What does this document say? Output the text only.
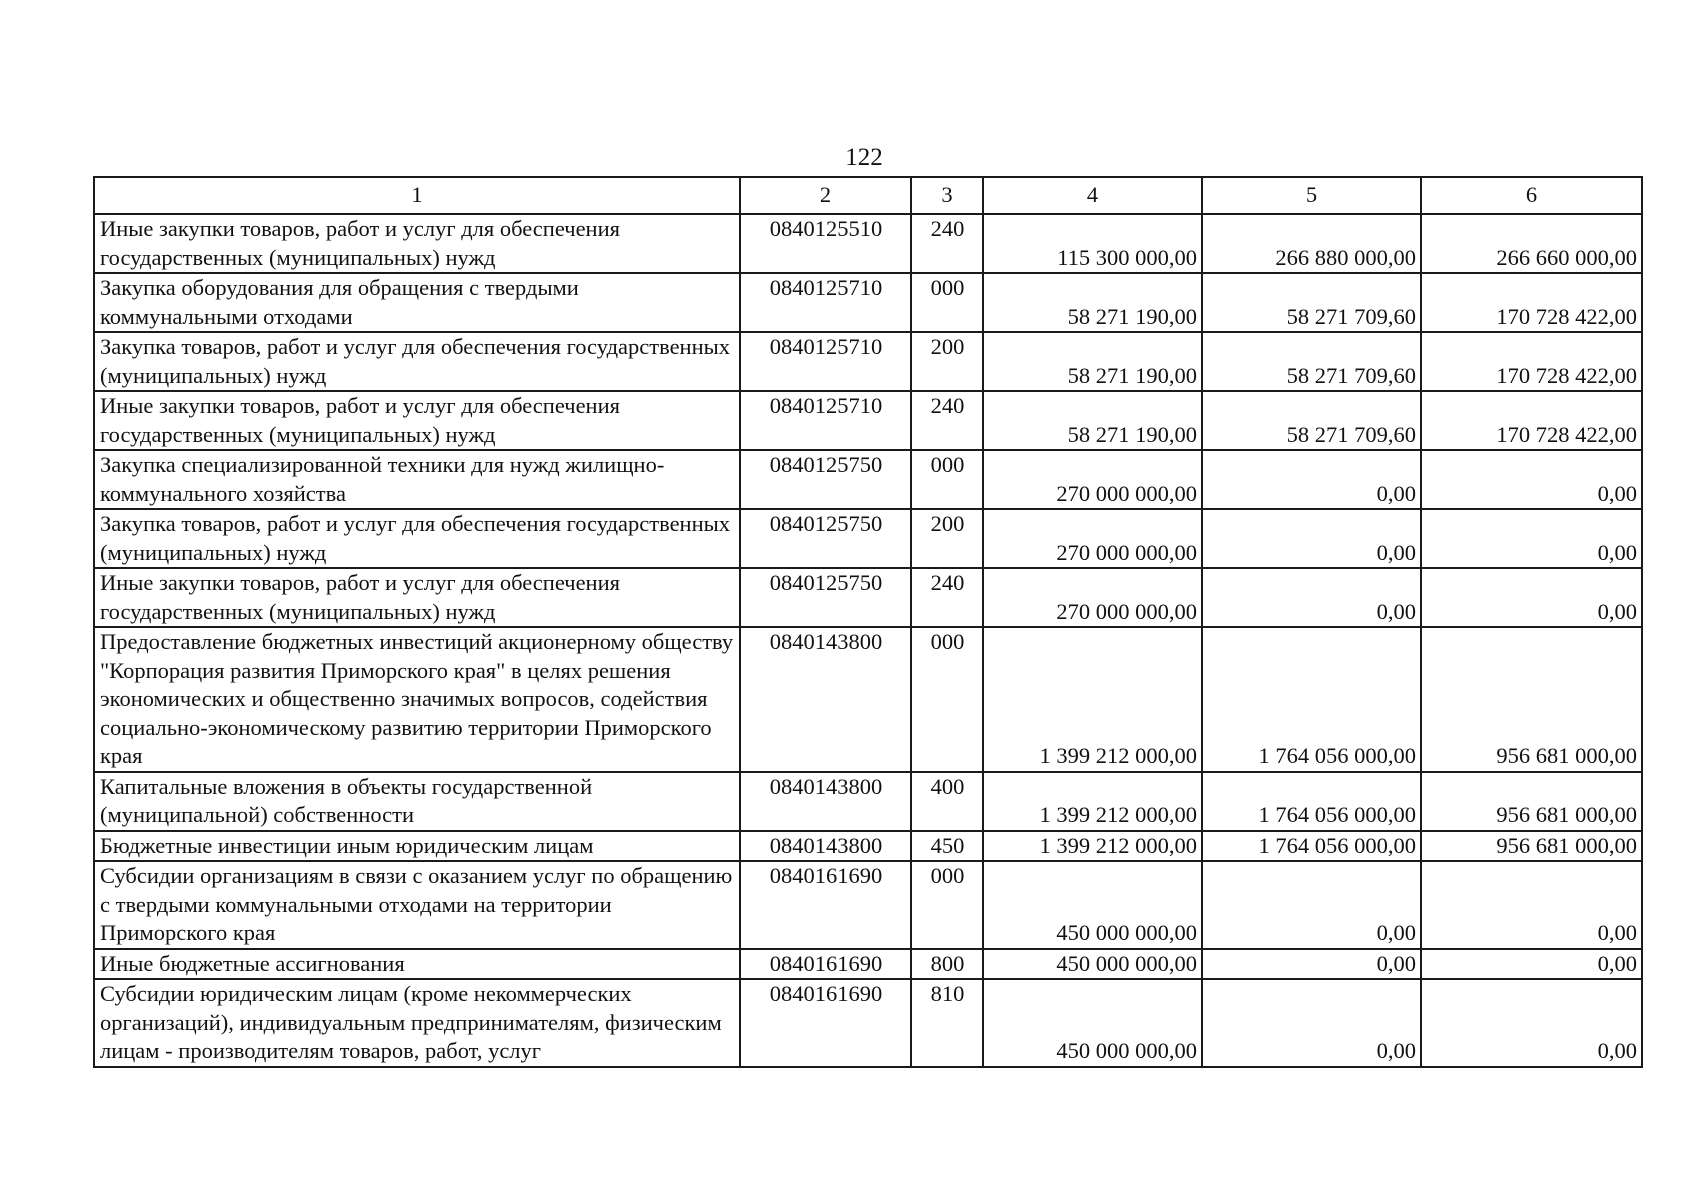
122
1	2	3	4	5	6
Иные закупки товаров, работ и услуг для обеспечения государственных (муниципальных) нужд	0840125510	240	115 300 000,00	266 880 000,00	266 660 000,00
Закупка оборудования для обращения с твердыми коммунальными отходами	0840125710	000	58 271 190,00	58 271 709,60	170 728 422,00
Закупка товаров, работ и услуг для обеспечения государственных (муниципальных) нужд	0840125710	200	58 271 190,00	58 271 709,60	170 728 422,00
Иные закупки товаров, работ и услуг для обеспечения государственных (муниципальных) нужд	0840125710	240	58 271 190,00	58 271 709,60	170 728 422,00
Закупка специализированной техники для нужд жилищно-коммунального хозяйства	0840125750	000	270 000 000,00	0,00	0,00
Закупка товаров, работ и услуг для обеспечения государственных (муниципальных) нужд	0840125750	200	270 000 000,00	0,00	0,00
Иные закупки товаров, работ и услуг для обеспечения государственных (муниципальных) нужд	0840125750	240	270 000 000,00	0,00	0,00
Предоставление бюджетных инвестиций акционерному обществу "Корпорация развития Приморского края" в целях решения экономических и общественно значимых вопросов, содействия социально-экономическому развитию территории Приморского края	0840143800	000	1 399 212 000,00	1 764 056 000,00	956 681 000,00
Капитальные вложения в объекты государственной (муниципальной) собственности	0840143800	400	1 399 212 000,00	1 764 056 000,00	956 681 000,00
Бюджетные инвестиции иным юридическим лицам	0840143800	450	1 399 212 000,00	1 764 056 000,00	956 681 000,00
Субсидии организациям в связи с оказанием услуг по обращению с твердыми коммунальными отходами на территории Приморского края	0840161690	000	450 000 000,00	0,00	0,00
Иные бюджетные ассигнования	0840161690	800	450 000 000,00	0,00	0,00
Субсидии юридическим лицам (кроме некоммерческих организаций), индивидуальным предпринимателям, физическим лицам - производителям товаров, работ, услуг	0840161690	810	450 000 000,00	0,00	0,00
